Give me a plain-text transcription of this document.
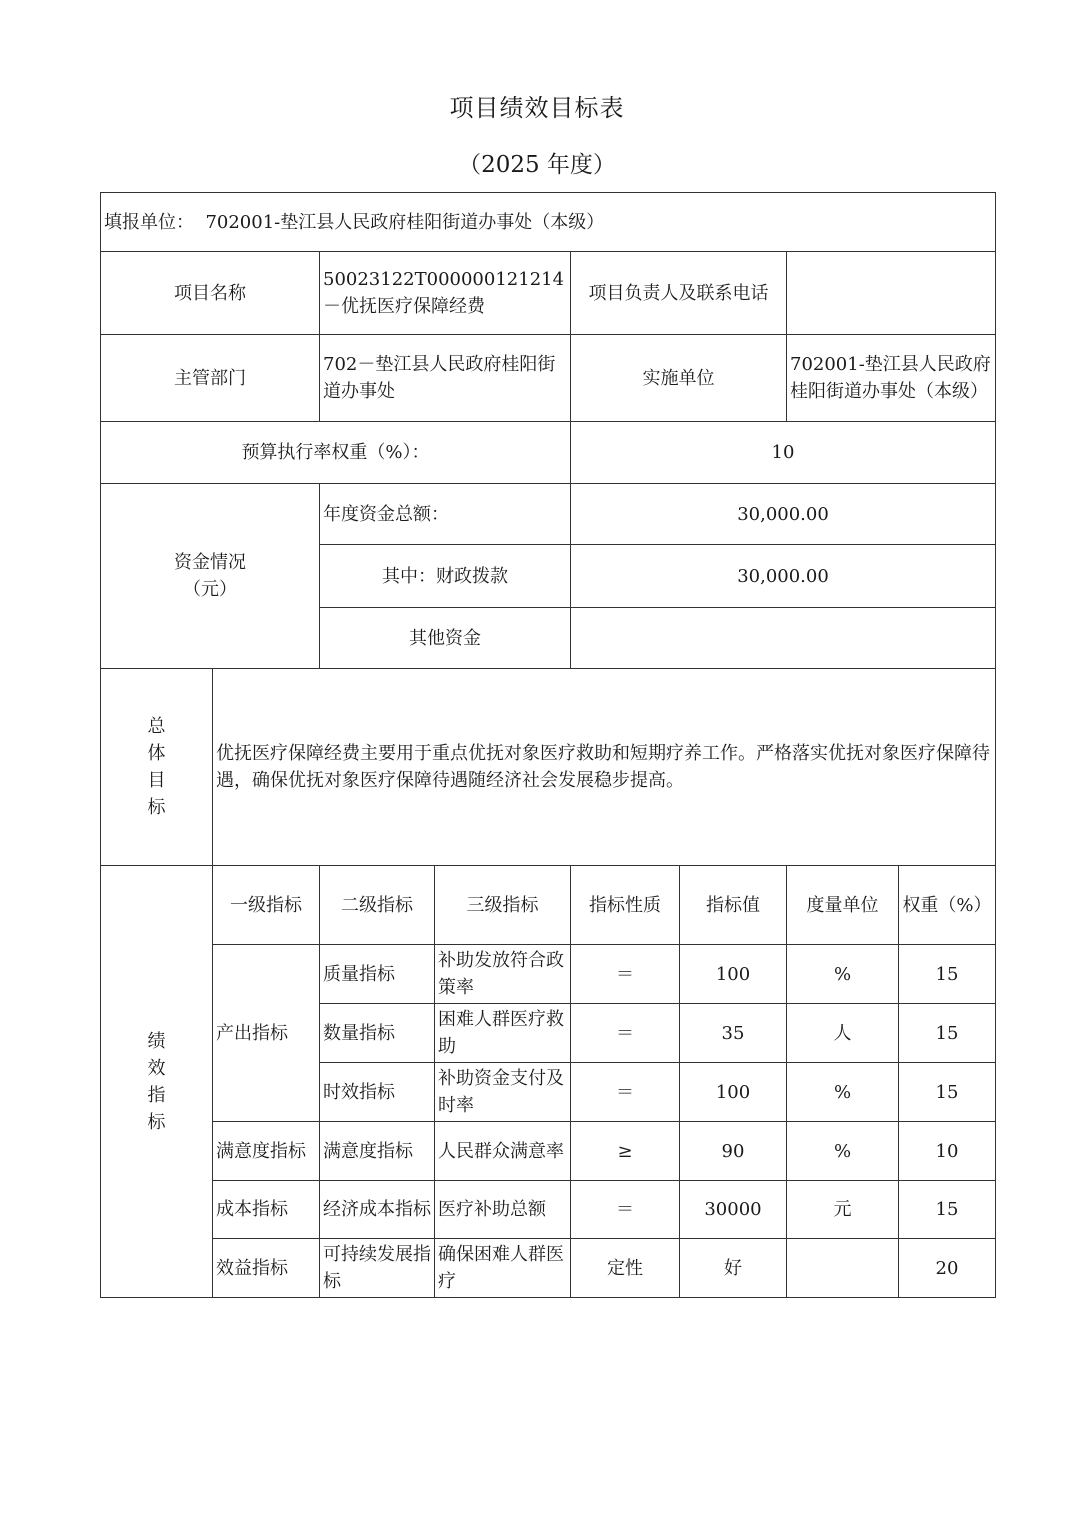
项目绩效目标表
（2025 年度）
填报单位： 702001-垫江县人民政府桂阳街道办事处（本级）							
项目名称		50023122T000000121214－优抚医疗保障经费		项目负责人及联系电话			
主管部门		702－垫江县人民政府桂阳街道办事处		实施单位		702001-垫江县人民政府桂阳街道办事处（本级）	
预算执行率权重（%）：				10			

资金情况
（元）		年度资金总额：		30,000.00			
		其中：财政拨款		30,000.00			
		其他资金					

总
体
目
标	优抚医疗保障经费主要用于重点优抚对象医疗救助和短期疗养工作。严格落实优抚对象医疗保障待遇，确保优抚对象医疗保障待遇随经济社会发展稳步提高。						

绩
效
指
标	一级指标	二级指标	三级指标	指标性质	指标值	度量单位	权重（%）
	产出指标	质量指标	补助发放符合政策率	＝	100	%	15
		数量指标	困难人群医疗救助	＝	35	人	15
		时效指标	补助资金支付及时率	＝	100	%	15
	满意度指标	满意度指标	人民群众满意率	≥	90	%	10
	成本指标	经济成本指标	医疗补助总额	＝	30000	元	15
	效益指标	可持续发展指标	确保困难人群医疗	定性	好		20
